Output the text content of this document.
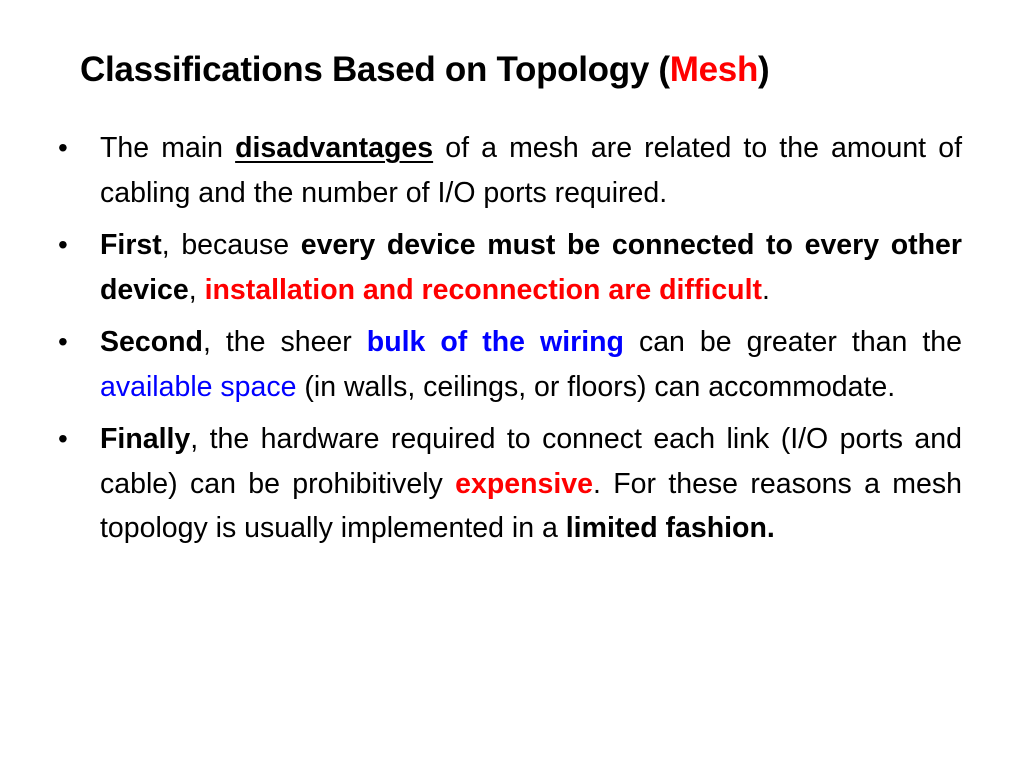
Classifications Based on Topology (Mesh)
• The main disadvantages of a mesh are related to the amount of cabling and the number of I/O ports required.
• First, because every device must be connected to every other device, installation and reconnection are difficult.
• Second, the sheer bulk of the wiring can be greater than the available space (in walls, ceilings, or floors) can accommodate.
• Finally, the hardware required to connect each link (I/O ports and cable) can be prohibitively expensive. For these reasons a mesh topology is usually implemented in a limited fashion.
